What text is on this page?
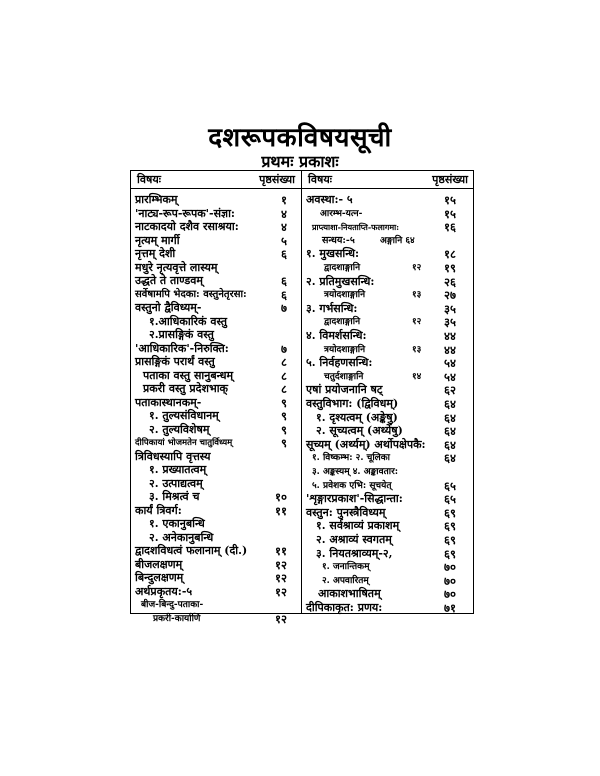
दशरूपकविषयसूची
प्रथमः प्रकाशः
विषयः	पृष्ठसंख्या
प्रारम्भिकम्	१
'नाट्य-रूप-रूपक'-संज्ञा:	४
नाटकादयो दशैव रसाश्रया:	४
नृत्यम् मार्गी	५
नृत्तम् देशी	६
मधुरे नृत्यवृत्ते लास्यम्
उद्धते ते ताण्डवम्	६
सर्वेषामपि भेदका: वस्तुनेतृरसा:	६
वस्तुनो द्वैविध्यम्-	७
१.आधिकारिकं वस्तु
२.प्रासङ्गिकं वस्तु
'आधिकारिक'-निरुक्ति:	७
प्रासङ्गिकं परार्थं वस्तु	८
पताका वस्तु सानुबन्धम्	८
प्रकरी वस्तु प्रदेशभाक्	८
पताकास्थानकम्-	९
१. तुल्यसंविधानम्	९
२. तुल्यविशेषम्	९
दीपिकायां भोजमतेन चातुर्विध्यम्	९
त्रिविधस्यापि वृत्तस्य
१. प्रख्यातत्वम्
२. उत्पाद्यत्वम्
३. मिश्रत्वं च	१०
कार्यं त्रिवर्ग:	११
१. एकानुबन्धि
२. अनेकानुबन्धि
द्वादशविधत्वं फलानाम् (दी.) ११
बीजलक्षणम्	१२
बिन्दुलक्षणम्	१२
अर्थप्रकृतय:-५	१२
बीज-बिन्दु-पताका-
प्रकरी-कार्याणि	१२
विषयः	पृष्ठसंख्या
अवस्था:- ५	१५
आरम्भ-यत्न-	१५
प्राप्त्याशा-नियताप्ति-फलागमा:	१६
सन्धय:-५	अङ्गानि ६४
१. मुखसन्धि:	१८
द्वादशाङ्गानि	१२ १९
२. प्रतिमुखसन्धि:	२६
त्रयोदशाङ्गानि	१३ २७
३. गर्भसन्धि:	३५
द्वादशाङ्गानि	१२ ३५
४. विमर्शसन्धि:	४४
त्रयोदशाङ्गानि	१३ ४४
५. निर्वहणसन्धि:	५४
चतुर्दशाङ्गानि	१४ ५४
एषां प्रयोजनानि षट्	६२
वस्तुविभाग: (द्विविधम्)	६४
१. दृश्यत्वम् (अङ्केषु)	६४
२. सूच्यत्वम् (अर्थ्येषु)	६४
सूच्यम् (अर्थ्यम्) अर्थोपक्षेपकै: ६४
१. विष्कम्भ: २. चूलिका	६४
३. अङ्कस्यम् ४. अङ्कावतार:
५. प्रवेशक एभि: सूचयेत्	६५
'शृङ्गारप्रकाश'-सिद्धान्ता:	६५
वस्तुन: पुनस्त्रैविध्यम्	६९
१. सर्वश्राव्यं प्रकाशम्	६९
२. अश्राव्यं स्वगतम्	६९
३. नियतश्राव्यम्-२,	६९
१. जनान्तिकम्	७०
२. अपवारितम्	७०
आकाशभाषितम्	७०
दीपिकाकृत: प्रणय:	७१
